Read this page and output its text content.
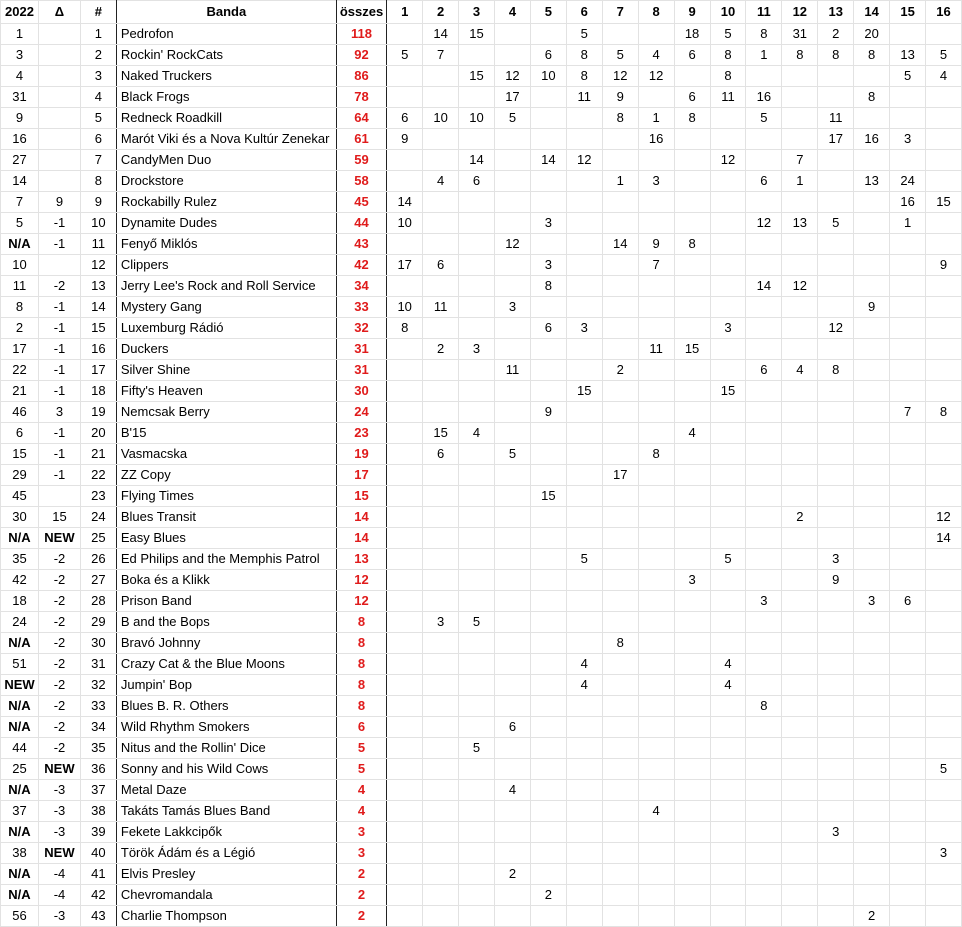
2022	Δ	#	Banda	összes	1	2	3	4	5	6	7	8	9	10	11	12	13	14	15	16
1		1	Pedrofon	118		14	15			5			18	5	8	31	2	20		
3		2	Rockin' RockCats	92	5	7			6	8	5	4	6	8	1	8	8	8	13	5
4		3	Naked Truckers	86			15	12	10	8	12	12		8					5	4
31		4	Black Frogs	78				17		11	9		6	11	16			8		
9		5	Redneck Roadkill	64	6	10	10	5			8	1	8		5		11			
16		6	Marót Viki és a Nova Kultúr Zenekar	61	9							16					17	16	3	
27		7	CandyMen Duo	59			14		14	12				12		7				
14		8	Drockstore	58		4	6				1	3			6	1		13	24	
7	9	9	Rockabilly Rulez	45	14														16	15
5	-1	10	Dynamite Dudes	44	10				3						12	13	5		1	
N/A	-1	11	Fenyő Miklós	43				12			14	9	8							
10		12	Clippers	42	17	6			3			7								9
11	-2	13	Jerry Lee's Rock and Roll Service	34					8						14	12				
8	-1	14	Mystery Gang	33	10	11		3										9		
2	-1	15	Luxemburg Rádió	32	8				6	3				3			12			
17	-1	16	Duckers	31		2	3					11	15							
22	-1	17	Silver Shine	31				11			2				6	4	8			
21	-1	18	Fifty's Heaven	30						15				15						
46	3	19	Nemcsak Berry	24					9										7	8
6	-1	20	B'15	23		15	4						4							
15	-1	21	Vasmacska	19		6		5				8								
29	-1	22	ZZ Copy	17							17									
45		23	Flying Times	15					15											
30	15	24	Blues Transit	14												2				12
N/A	NEW	25	Easy Blues	14																14
35	-2	26	Ed Philips and the Memphis Patrol	13						5				5			3			
42	-2	27	Boka és a Klikk	12									3				9			
18	-2	28	Prison Band	12											3			3	6	
24	-2	29	B and the Bops	8		3	5													
N/A	-2	30	Bravó Johnny	8							8									
51	-2	31	Crazy Cat & the Blue Moons	8						4				4						
NEW	-2	32	Jumpin' Bop	8						4				4						
N/A	-2	33	Blues B. R. Others	8											8					
N/A	-2	34	Wild Rhythm Smokers	6				6												
44	-2	35	Nitus and the Rollin' Dice	5			5													
25	NEW	36	Sonny and his Wild Cows	5																5
N/A	-3	37	Metal Daze	4				4												
37	-3	38	Takáts Tamás Blues Band	4								4								
N/A	-3	39	Fekete Lakkcipők	3													3			
38	NEW	40	Török Ádám és a Légió	3																3
N/A	-4	41	Elvis Presley	2				2												
N/A	-4	42	Chevromandala	2					2											
56	-3	43	Charlie Thompson	2														2		
